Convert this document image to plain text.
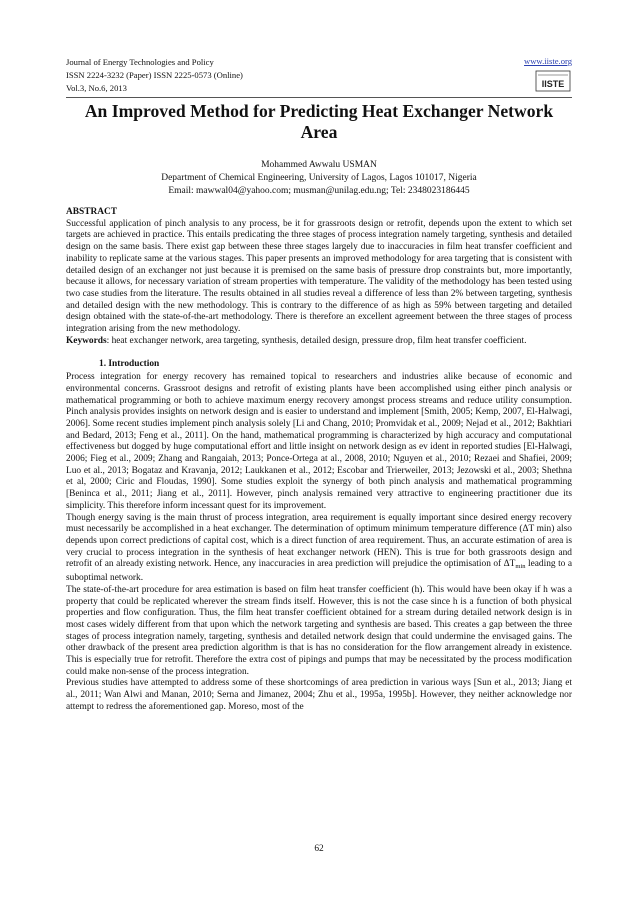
Journal of Energy Technologies and Policy
ISSN 2224-3232 (Paper) ISSN 2225-0573 (Online)
Vol.3, No.6, 2013
www.iiste.org
IISTE
An Improved Method for Predicting Heat Exchanger Network
Area
Mohammed Awwalu USMAN
Department of Chemical Engineering, University of Lagos, Lagos 101017, Nigeria
Email: mawwal04@yahoo.com; musman@unilag.edu.ng; Tel: 2348023186445

ABSTRACT

Successful application of pinch analysis to any process, be it for grassroots design or retrofit, depends upon the extent to which set targets are achieved in practice. This entails predicating the three stages of process integration namely targeting, synthesis and detailed design on the same basis. There exist gap between these three stages largely due to inaccuracies in film heat transfer coefficient and inability to replicate same at the various stages. This paper presents an improved methodology for area targeting that is consistent with detailed design of an exchanger not just because it is premised on the same basis of pressure drop constraints but, more importantly, because it allows, for necessary variation of stream properties with temperature. The validity of the methodology has been tested using two case studies from the literature. The results obtained in all studies reveal a difference of less than 2% between targeting, synthesis and detailed design with the new methodology. This is contrary to the difference of as high as 59% between targeting and detailed design obtained with the state-of-the-art methodology. There is therefore an excellent agreement between the three stages of process integration arising from the new methodology.

Keywords: heat exchanger network, area targeting, synthesis, detailed design, pressure drop, film heat transfer coefficient.

1. Introduction

Process integration for energy recovery has remained topical to researchers and industries alike because of economic and environmental concerns. Grassroot designs and retrofit of existing plants have been accomplished using either pinch analysis or mathematical programming or both to achieve maximum energy recovery amongst process streams and reduce utility consumption. Pinch analysis provides insights on network design and is easier to understand and implement [Smith, 2005; Kemp, 2007, El-Halwagi, 2006]. Some recent studies implement pinch analysis solely [Li and Chang, 2010; Promvidak et al., 2009; Nejad et al., 2012; Bakhtiari and Bedard, 2013; Feng et al., 2011]. On the hand, mathematical programming is characterized by high accuracy and computational effectiveness but dogged by huge computational effort and little insight on network design as ev ident in reported studies [El-Halwagi, 2006; Fieg et al., 2009; Zhang and Rangaiah, 2013; Ponce-Ortega at al., 2008, 2010; Nguyen et al., 2010; Rezaei and Shafiei, 2009; Luo et al., 2013; Bogataz and Kravanja, 2012; Laukkanen et al., 2012; Escobar and Trierweiler, 2013; Jezowski et al., 2003; Shethna et al, 2000; Ciric and Floudas, 1990]. Some studies exploit the synergy of both pinch analysis and mathematical programming [Beninca et al., 2011; Jiang et al., 2011]. However, pinch analysis remained very attractive to engineering practitioner due its simplicity. This therefore inform incessant quest for its improvement.

Though energy saving is the main thrust of process integration, area requirement is equally important since desired energy recovery must necessarily be accomplished in a heat exchanger. The determination of optimum minimum temperature difference (ΔT min) also depends upon correct predictions of capital cost, which is a direct function of area requirement. Thus, an accurate estimation of area is very crucial to process integration in the synthesis of heat exchanger network (HEN). This is true for both grassroots design and retrofit of an already existing network. Hence, any inaccuracies in area prediction will prejudice the optimisation of $\Delta T_{min}$ leading to a suboptimal network.

The state-of-the-art procedure for area estimation is based on film heat transfer coefficient (h). This would have been okay if h was a property that could be replicated wherever the stream finds itself. However, this is not the case since h is a function of both physical properties and flow configuration. Thus, the film heat transfer coefficient obtained for a stream during detailed network design is in most cases widely different from that upon which the network targeting and synthesis are based. This creates a gap between the three stages of process integration namely, targeting, synthesis and detailed network design that could undermine the envisaged gains. The other drawback of the present area prediction algorithm is that is has no consideration for the flow arrangement already in existence. This is especially true for retrofit. Therefore the extra cost of pipings and pumps that may be necessitated by the process modification could make non-sense of the process integration.

Previous studies have attempted to address some of these shortcomings of area prediction in various ways [Sun et al., 2013; Jiang et al., 2011; Wan Alwi and Manan, 2010; Serna and Jimanez, 2004; Zhu et al., 1995a, 1995b]. However, they neither acknowledge nor attempt to redress the aforementioned gap. Moreso, most of the

62
